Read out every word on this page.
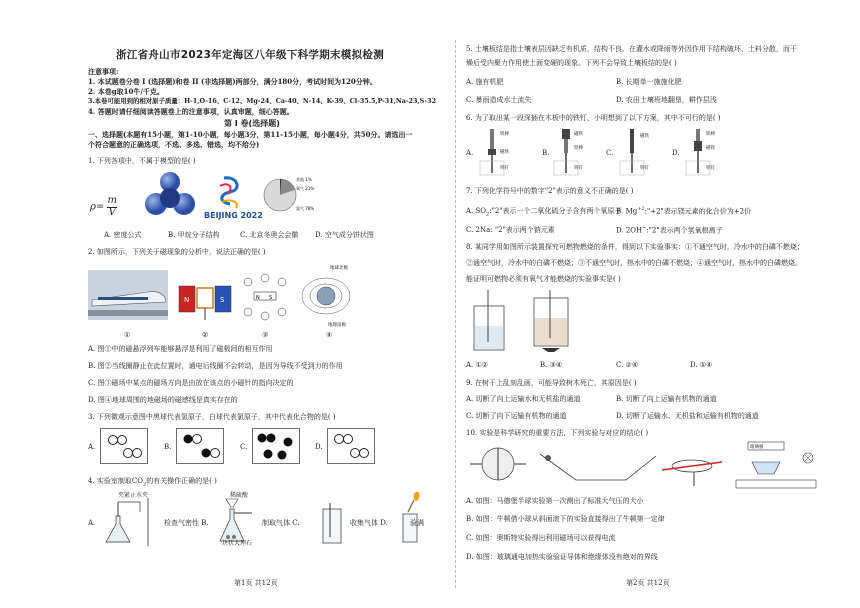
浙江省舟山市2023年定海区八年级下科学期末模拟检测
注意事项:
1. 本试题卷分卷 I (选择题)和卷 II (非选择题)两部分，满分180分，考试时间为120分钟。
2. 本卷g取10牛/千克。
3.本卷可能用到的相对原子质量：H-1,O-16、C-12、Mg-24、Ca-40、N-14、K-39、Cl-35.5,P-31,Na-23,S-32
4. 答题时请仔细阅读答题卷上的注意事项，认真审题，细心答题。
第 I 卷(选择题)
一、选择题(本题有15小题，第1-10小题，每小题3分，第11-15小题，每小题4分，共50分。请选出一
个符合题意的正确选项，不选、多选、错选，均不给分)
1. 下列各项中，不属于模型的是( )
$\rho= \frac{m}{V}$	BEIJING 2022
其他 1%
氧气 21%
氮气 78%
A. 密度公式	B. 甲烷分子结构	C. 北京冬奥会会徽 D. 空气成分饼状图
2. 如图所示，下列关于磁现象的分析中，说法正确的是( )
N	S	N S
地球北极
地理南极
①	②	③	④
A. 图①中的磁悬浮列车能够悬浮是利用了磁极间的相互作用
B. 图②当线圈静止在此位置时，通电后线圈不会转动，是因为导线不受到力的作用
C. 图③磁场中某点的磁场方向是由放在该点的小磁针的指向决定的
D. 图④地球周围的地磁场的磁感线是真实存在的
3. 下列微观示意图中黑球代表氢原子，白球代表氯原子，其中代表化合物的是( )
A.	B.	C.	D.
4. 实验室制取$CO_2$的有关操作正确的是( )
A.
夹紧止水夹
检查气密性 B.
稀硫酸
块状大理石
制取气体 C.	收集气体 D.	验满
第1页 共12页
5. 土壤板结是指土壤表层因缺乏有机质，结构不良，在灌水或降雨等外因作用下结构破坏、土料分散，而干
燥后受内聚力作用使土面变硬的现象。下列不会导致土壤板结的是( )
A. 施有机肥	B. 长期单一施施化肥
C. 暴雨造成水土流失	D. 农田土壤班地翻垦，耕作层浅
6. 为了取出某一段深插在木板中的铁钉，小明想到了以下方案，其中不可行的是( )
A.
铁棒
磁铁
铁钉
B.
磁铁
铁棒
铁钉
C.
磁铁
铁钉
D.
铁棒
磁铁
铁钉
7. 下列化学符号中的数字"2"表示的意义不正确的是( )
A. $SO_2:"2$"表示一个二氧化硫分子含有两个氧原子
B. $Mg^{+2}:"+2$"表示镁元素的化合价为+2价
C. 2Na: "2"表示两个钠元素	D. 2OH−:"2"表示两个氢氧根离子
8. 某同学用如图所示装置探究可燃物燃烧的条件，得到以下实验事实：①不通空气时，冷水中的白磷不燃烧；
②通空气时，冷水中的白磷不燃烧；③不通空气时，热水中的白磷不燃烧；④通空气时，热水中的白磷燃烧。
能证明可燃物必须有氧气才能燃烧的实验事实是( )
A. ①②	B. ③④	C. ②④	D. ①④
9. 在树干上乱刻乱画，可能导致树木死亡，其原因是( )
A. 切断了向上运输水和无机盐的通道	B. 切断了向上运输有机物的通道
C. 切断了向下运输有机物的通道	D. 切断了运输水、无机盐和运输有机物的通道
10. 实验是科学研究的重要方法，下列实验与对应的结论( )
玻璃板
A. 如图：马德堡半球实验第一次测出了标准大气压的大小
B. 如图：牛顿借小球从斜面滚下的实验直接得出了牛顿第一定律
C. 如图：奥斯特实验得出利用磁场可以获得电流
D. 如图：玻璃通电加热实验验证导体和绝缘体没有绝对的界线
第2页 共12页
